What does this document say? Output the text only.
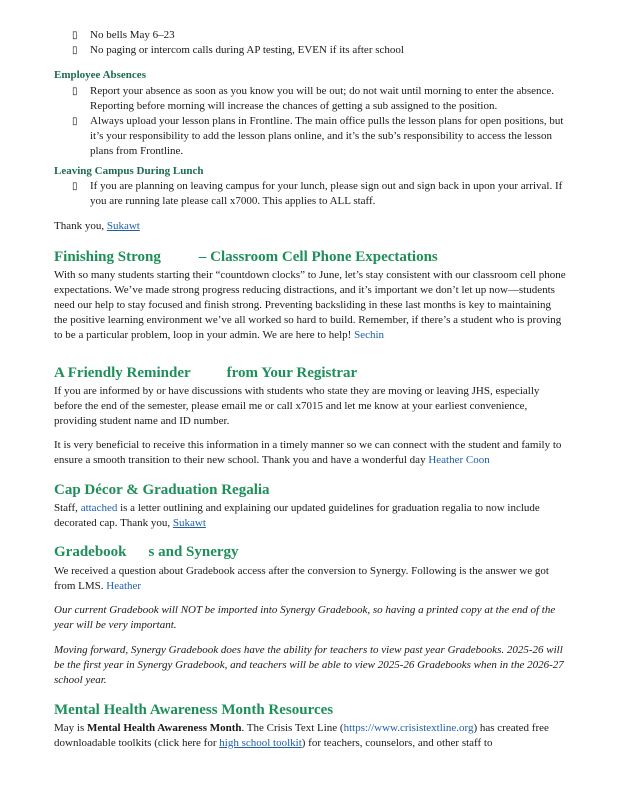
▯ No bells May 6–23
▯ No paging or intercom calls during AP testing, EVEN if its after school
Employee Absences
▯ Report your absence as soon as you know you will be out; do not wait until morning to enter the absence. Reporting before morning will increase the chances of getting a sub assigned to the position.
▯ Always upload your lesson plans in Frontline. The main office pulls the lesson plans for open positions, but it’s your responsibility to add the lesson plans online, and it’s the sub’s responsibility to access the lesson plans from Frontline.
Leaving Campus During Lunch
▯ If you are planning on leaving campus for your lunch, please sign out and sign back in upon your arrival. If you are running late please call x7000. This applies to ALL staff.
Thank you, Sukawt
Finishing Strong	– Classroom Cell Phone Expectations
With so many students starting their “countdown clocks” to June, let’s stay consistent with our classroom cell phone expectations. We’ve made strong progress reducing distractions, and it’s important we don’t let up now—students need our help to stay focused and finish strong. Preventing backsliding in these last months is key to maintaining the positive learning environment we’ve all worked so hard to build. Remember, if there’s a student who is proving to be a particular problem, loop in your admin. We are here to help! Sechin
A Friendly Reminder from Your Registrar
If you are informed by or have discussions with students who state they are moving or leaving JHS, especially before the end of the semester, please email me or call x7015 and let me know at your earliest convenience, providing student name and ID number.
It is very beneficial to receive this information in a timely manner so we can connect with the student and family to ensure a smooth transition to their new school. Thank you and have a wonderful day Heather Coon
Cap Décor & Graduation Regalia
Staff, attached is a letter outlining and explaining our updated guidelines for graduation regalia to now include decorated cap. Thank you, Sukawt
Gradebook s and Synergy
We received a question about Gradebook access after the conversion to Synergy. Following is the answer we got from LMS. Heather
Our current Gradebook will NOT be imported into Synergy Gradebook, so having a printed copy at the end of the year will be very important.
Moving forward, Synergy Gradebook does have the ability for teachers to view past year Gradebooks. 2025-26 will be the first year in Synergy Gradebook, and teachers will be able to view 2025-26 Gradebooks when in the 2026-27 school year.
Mental Health Awareness Month Resources
May is Mental Health Awareness Month. The Crisis Text Line (https://www.crisistextline.org) has created free downloadable toolkits (click here for high school toolkit) for teachers, counselors, and other staff to
